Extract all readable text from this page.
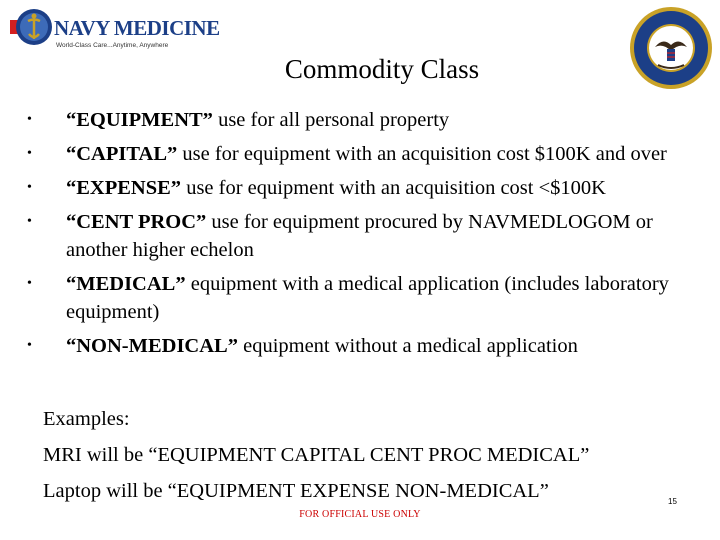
NAVY MEDICINE
World-Class Care...Anytime, Anywhere
Commodity Class
• “EQUIPMENT” use for all personal property
• “CAPITAL” use for equipment with an acquisition cost $100K and over
• “EXPENSE” use for equipment with an acquisition cost <$100K
• “CENT PROC” use for equipment procured by NAVMEDLOGOM or another higher echelon
• “MEDICAL” equipment with a medical application (includes laboratory equipment)
• “NON-MEDICAL” equipment without a medical application
Examples:
MRI will be “EQUIPMENT CAPITAL CENT PROC MEDICAL”
Laptop will be “EQUIPMENT EXPENSE NON-MEDICAL”	15
FOR OFFICIAL USE ONLY
